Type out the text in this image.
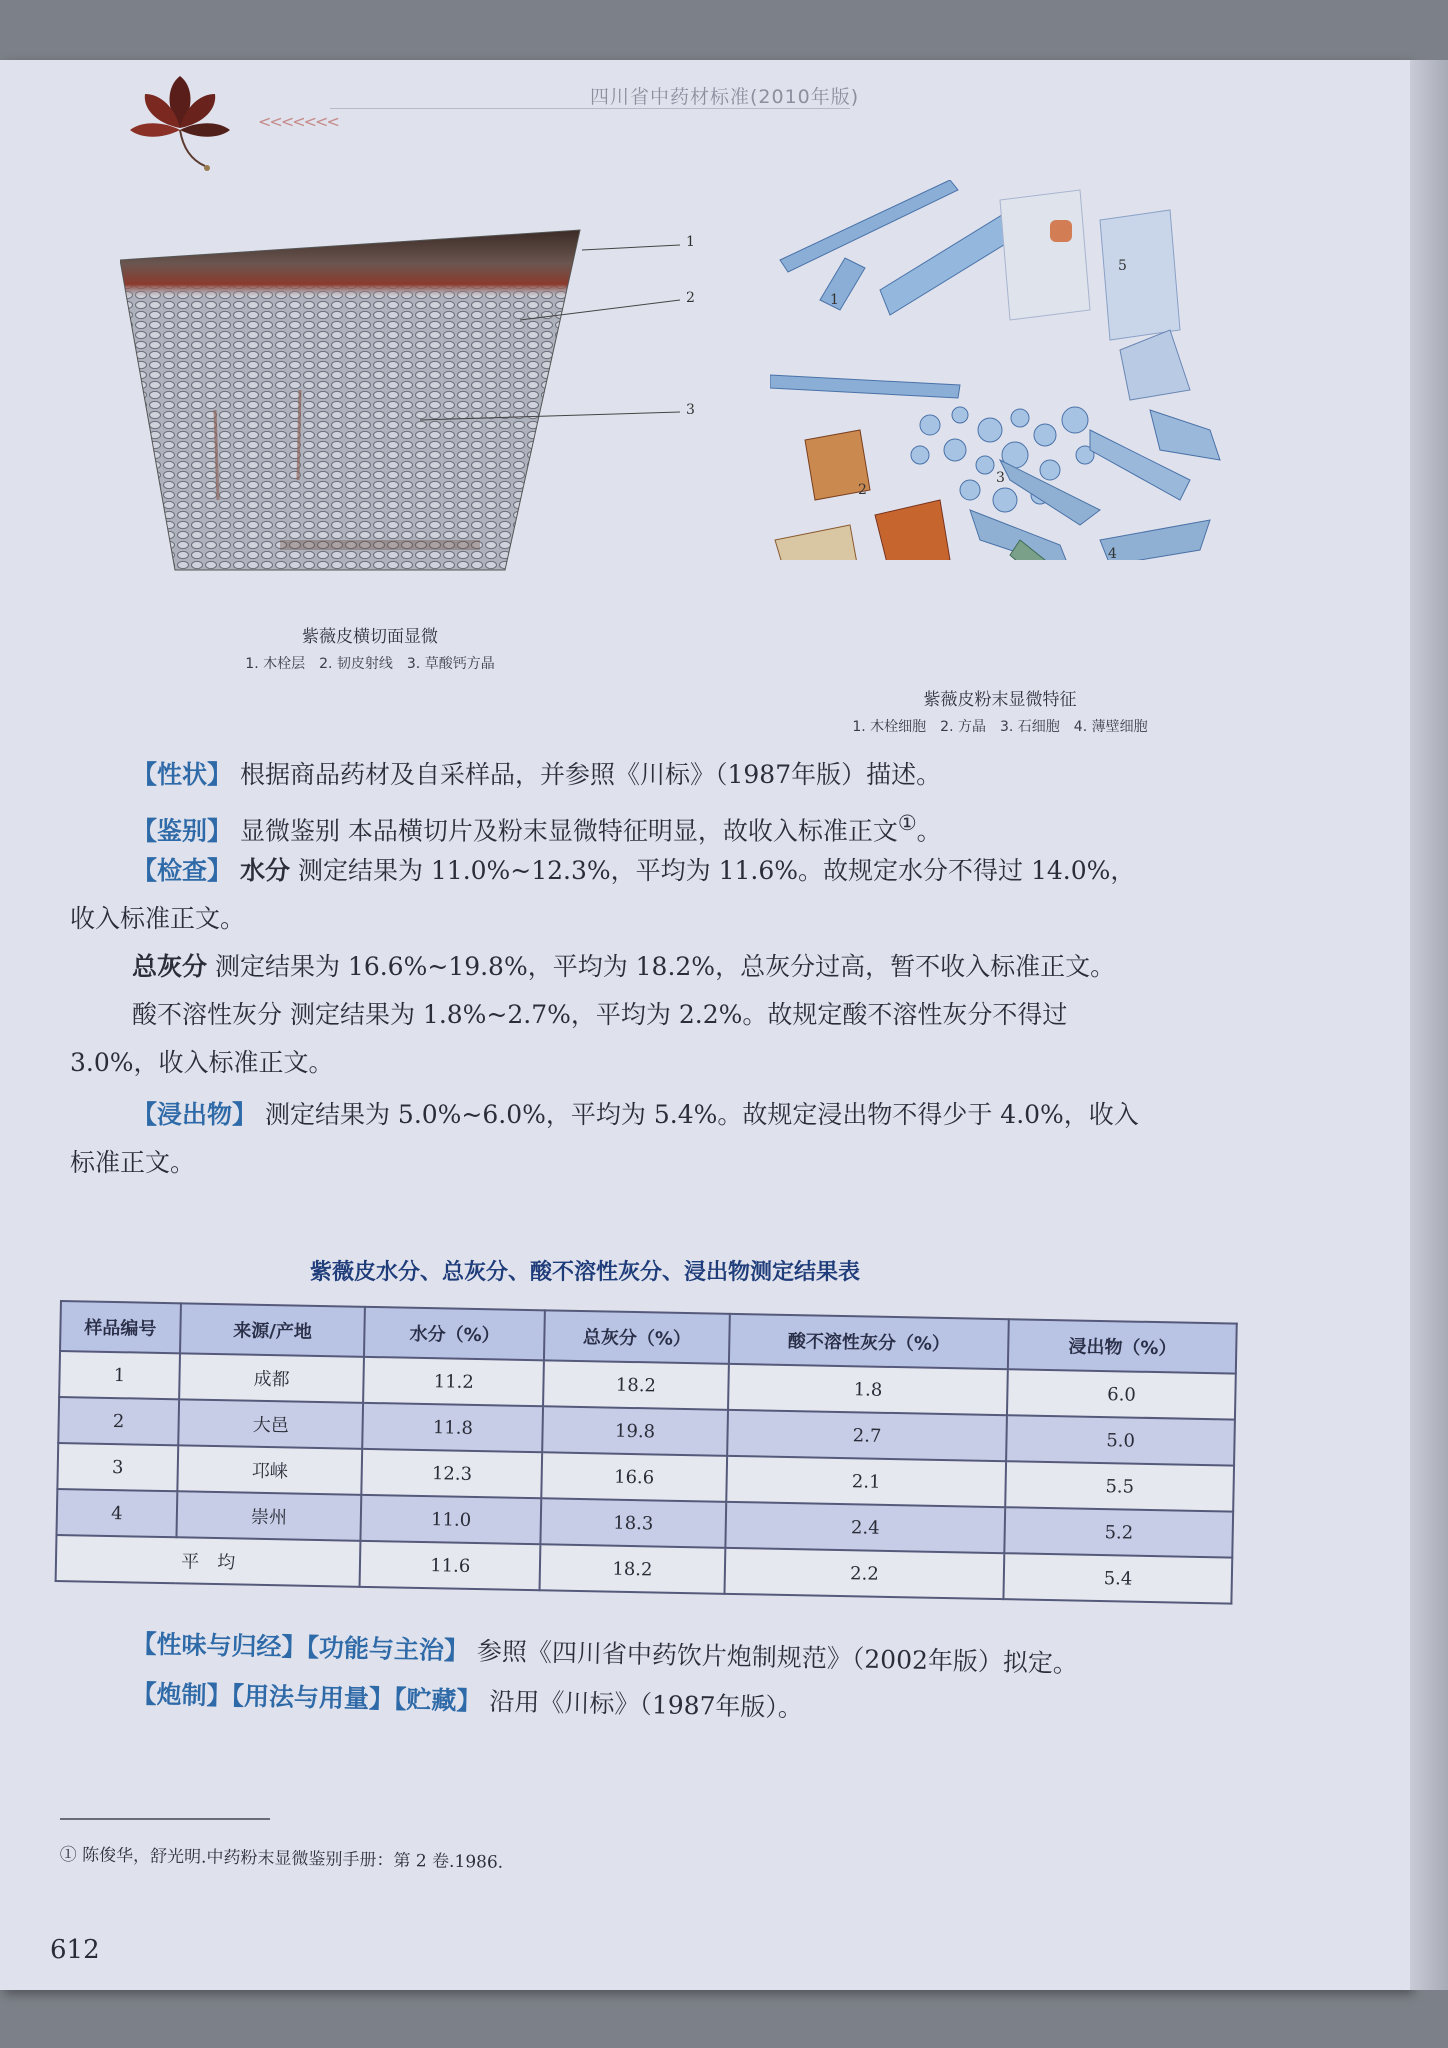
<<<<<<<
四川省中药材标准(2010年版)
1
2
3
紫薇皮横切面显微
1. 木栓层　2. 韧皮射线　3. 草酸钙方晶
1
2
3
4
5
紫薇皮粉末显微特征
1. 木栓细胞　2. 方晶　3. 石细胞　4. 薄壁细胞
【性状】 根据商品药材及自采样品，并参照《川标》（1987年版）描述。
【鉴别】 显微鉴别 本品横切片及粉末显微特征明显，故收入标准正文①。
【检查】 水分 测定结果为 11.0%~12.3%，平均为 11.6%。故规定水分不得过 14.0%，
收入标准正文。
总灰分 测定结果为 16.6%~19.8%，平均为 18.2%，总灰分过高，暂不收入标准正文。
酸不溶性灰分 测定结果为 1.8%~2.7%，平均为 2.2%。故规定酸不溶性灰分不得过
3.0%，收入标准正文。
【浸出物】 测定结果为 5.0%~6.0%，平均为 5.4%。故规定浸出物不得少于 4.0%，收入
标准正文。
紫薇皮水分、总灰分、酸不溶性灰分、浸出物测定结果表
样品编号	来源/产地	水分（%）	总灰分（%）	酸不溶性灰分（%）	浸出物（%）
1	成都	11.2	18.2	1.8	6.0
2	大邑	11.8	19.8	2.7	5.0
3	邛崃	12.3	16.6	2.1	5.5
4	崇州	11.0	18.3	2.4	5.2
平　均		11.6	18.2	2.2	5.4
【性味与归经】【功能与主治】 参照《四川省中药饮片炮制规范》（2002年版）拟定。
【炮制】【用法与用量】【贮藏】 沿用《川标》（1987年版）。
① 陈俊华，舒光明.中药粉末显微鉴别手册：第 2 卷.1986.
612
